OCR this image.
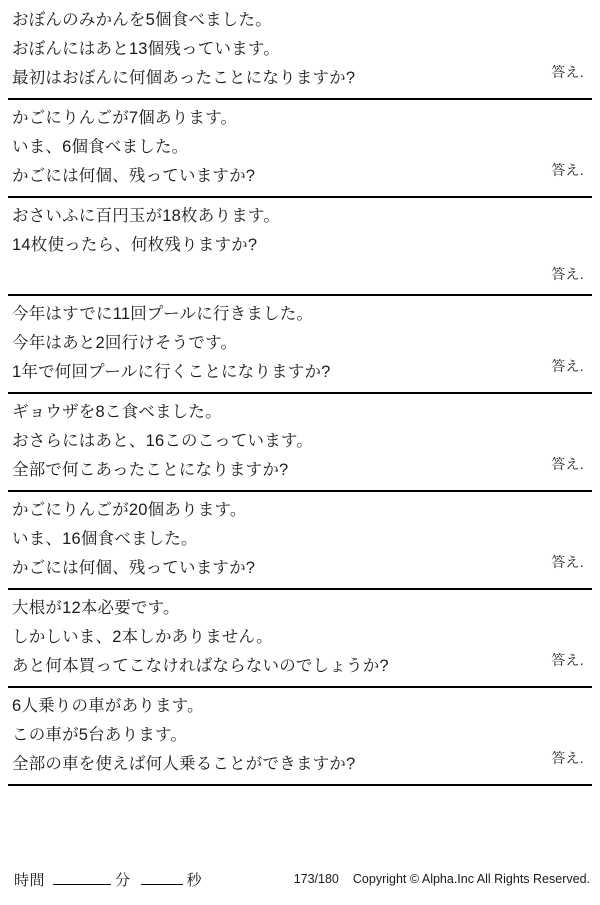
おぼんのみかんを5個食べました。
おぼんにはあと13個残っています。
最初はおぼんに何個あったことになりますか?	答え.
かごにりんごが7個あります。
いま、6個食べました。
かごには何個、残っていますか?	答え.
おさいふに百円玉が18枚あります。
14枚使ったら、何枚残りますか?
答え.
今年はすでに11回プールに行きました。
今年はあと2回行けそうです。
1年で何回プールに行くことになりますか?	答え.
ギョウザを8こ食べました。
おさらにはあと、16このこっています。
全部で何こあったことになりますか?	答え.
かごにりんごが20個あります。
いま、16個食べました。
かごには何個、残っていますか?	答え.
大根が12本必要です。
しかしいま、2本しかありません。
あと何本買ってこなければならないのでしょうか?	答え.
6人乗りの車があります。
この車が5台あります。
全部の車を使えば何人乗ることができますか?	答え.
時間	分	秒	173/180 Copyright © Alpha.Inc All Rights Reserved.
